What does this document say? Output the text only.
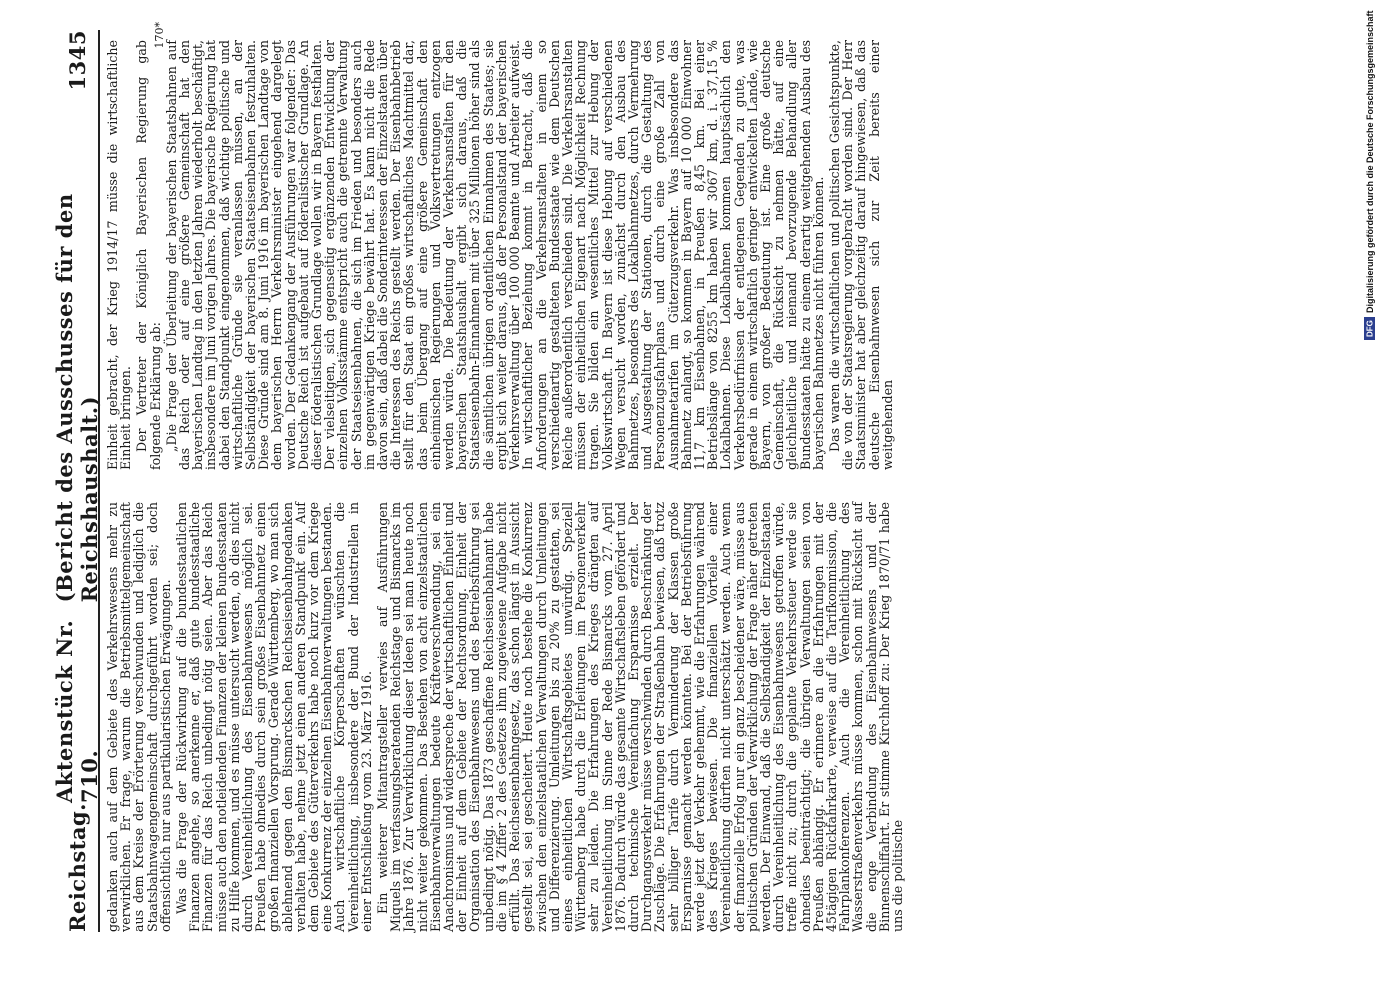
Reichstag.
Aktenstück Nr. 710.
(Bericht des Ausschusses für den Reichshaushalt.)
1345

gedanken auch auf dem Gebiete des Verkehrswesens mehr zu verwirklichen. Er frage, warum die Betriebsmittelgemeinschaft aus dem Kreise der Erörterung verschwunden und lediglich die Staatsbahnwagengemeinschaft durchgeführt worden sei; doch offensichtlich nur aus partikularistischen Erwägungen. Was die Frage der Rückwirkung auf die bundesstaatlichen Finanzen angehe, so anerkenne er, daß gute bundesstaatliche Finanzen für das Reich unbedingt nötig seien. Aber das Reich müsse auch den notleidenden Finanzen der kleinen Bundesstaaten zu Hilfe kommen, und es müsse untersucht werden, ob dies nicht durch Vereinheitlichung des Eisenbahnwesens möglich sei. Preußen habe ohnedies durch sein großes Eisenbahnnetz einen großen finanziellen Vorsprung. Gerade Württemberg, wo man sich ablehnend gegen den Bismarckschen Reichseisenbahngedanken verhalten habe, nehme jetzt einen anderen Standpunkt ein. Auf dem Gebiete des Güterverkehrs habe noch kurz vor dem Kriege eine Konkurrenz der einzelnen Eisenbahnverwaltungen bestanden. Auch wirtschaftliche Körperschaften wünschten die Vereinheitlichung, insbesondere der Bund der Industriellen in einer Entschließung vom 23. März 1916. Ein weiterer Mitantragsteller verwies auf Ausführungen Miquels im verfassungsberatenden Reichstage und Bismarcks im Jahre 1876. Zur Verwirklichung dieser Ideen sei man heute noch nicht weiter gekommen. Das Bestehen von acht einzelstaatlichen Eisenbahnverwaltungen bedeute Kräfteverschwendung, sei ein Anachronismus und widerspreche der wirtschaftlichen Einheit und der Einheit auf dem Gebiete der Rechtsordnung. Einheit der Organisation des Eisenbahnwesens und des Betriebsführung sei unbedingt nötig. Das 1873 geschaffene Reichseisenbahnamt habe die im § 4 Ziffer 2 des Gesetzes ihm zugewiesene Aufgabe nicht erfüllt. Das Reichseisenbahngesetz, das schon längst in Aussicht gestellt sei, sei gescheitert. Heute noch bestehe die Konkurrenz zwischen den einzelstaatlichen Verwaltungen durch Umleitungen und Differenzierung. Umleitungen bis zu 20% zu gestatten, sei eines einheitlichen Wirtschaftsgebietes unwürdig. Speziell Württemberg habe durch die Erleitungen im Personenverkehr sehr zu leiden. Die Erfahrungen des Krieges drängten auf Vereinheitlichung im Sinne der Rede Bismarcks vom 27. April 1876. Dadurch würde das gesamte Wirtschaftsleben gefördert und durch technische Vereinfachung Ersparnisse erzielt. Der Durchgangsverkehr müsse verschwinden durch Beschränkung der Zuschläge. Die Erfahrungen der Straßenbahn bewiesen, daß trotz sehr billiger Tarife durch Verminderung der Klassen große Ersparnisse gemacht werden könnten. Bei der Betriebsführung werde jetzt der Verkehr gehemmt, wie die Erfahrungen während des Krieges bewiesen. Die finanziellen Vorteile einer Vereinheitlichung dürften nicht unterschätzt werden. Auch wenn der finanzielle Erfolg nur ein ganz bescheidener wäre, müsse aus politischen Gründen der Verwirklichung der Frage näher getreten werden. Der Einwand, daß die Selbständigkeit der Einzelstaaten durch Vereinheitlichung des Eisenbahnwesens getroffen würde, treffe nicht zu; durch die geplante Verkehrssteuer werde sie ohnedies beeinträchtigt; die übrigen Verwaltungen seien von Preußen abhängig. Er erinnere an die Erfahrungen mit der 45tägigen Rückfahrkarte, verweise auf die Tarifkommission, die Fahrplankonferenzen. Auch die Vereinheitlichung des Wasserstraßenverkehrs müsse kommen, schon mit Rücksicht auf die enge Verbindung des Eisenbahnwesens und der Binnenschiffahrt. Er stimme Kirchhoff zu: Der Krieg 1870/71 habe uns die politische

Einheit gebracht, der Krieg 1914/17 müsse die wirtschaftliche Einheit bringen. Der Vertreter der Königlich Bayerischen Regierung gab folgende Erklärung ab: „Die Frage der Überleitung der bayerischen Staatsbahnen auf das Reich oder auf eine größere Gemeinschaft hat den bayerischen Landtag in den letzten Jahren wiederholt beschäftigt, insbesondere im Juni vorigen Jahres. Die bayerische Regierung hat dabei den Standpunkt eingenommen, daß wichtige politische und wirtschaftliche Gründe sie veranlassen müssen, an der Selbständigkeit der bayerischen Staatseisenbahnen festzuhalten. Diese Gründe sind am 8. Juni 1916 im bayerischen Landtage von dem bayerischen Herrn Verkehrsminister eingehend dargelegt worden. Der Gedankengang der Ausführungen war folgender: Das Deutsche Reich ist aufgebaut auf föderalistischer Grundlage. An dieser föderalistischen Grundlage wollen wir in Bayern festhalten. Der vielseitigen, sich gegenseitig ergänzenden Entwicklung der einzelnen Volksstämme entspricht auch die getrennte Verwaltung der Staatseisenbahnen, die sich im Frieden und besonders auch im gegenwärtigen Kriege bewährt hat. Es kann nicht die Rede davon sein, daß dabei die Sonderinteressen der Einzelstaaten über die Interessen des Reichs gestellt werden. Der Eisenbahnbetrieb stellt für den Staat ein großes wirtschaftliches Machtmittel dar, das beim Übergang auf eine größere Gemeinschaft den einheimischen Regierungen und Volksvertretungen entzogen werden würde. Die Bedeutung der Verkehrsanstalten für den bayerischen Staatshaushalt ergibt sich daraus, daß die Staatseisenbahn-Einnahmen mit über 325 Millionen höher sind als die sämtlichen übrigen ordentlichen Einnahmen des Staates; sie ergibt sich weiter daraus, daß der Personalstand der bayerischen Verkehrsverwaltung über 100 000 Beamte und Arbeiter aufweist. In wirtschaftlicher Beziehung kommt in Betracht, daß die Anforderungen an die Verkehrsanstalten in einem so verschiedenartig gestalteten Bundesstaate wie dem Deutschen Reiche außerordentlich verschieden sind. Die Verkehrsanstalten müssen der einheitlichen Eigenart nach Möglichkeit Rechnung tragen. Sie bilden ein wesentliches Mittel zur Hebung der Volkswirtschaft. In Bayern ist diese Hebung auf verschiedenen Wegen versucht worden, zunächst durch den Ausbau des Bahnnetzes, besonders des Lokalbahnnetzes, durch Vermehrung und Ausgestaltung der Stationen, durch die Gestaltung des Personenzugsfahrplans und durch eine große Zahl von Ausnahmetarifen im Güterzugsverkehr. Was insbesondere das Bahnnetz anlangt, so kommen in Bayern auf 10 000 Einwohner 11,7 km Eisenbahnen, in Preußen 8,45 km. Bei einer Betriebslänge von 8255 km haben wir 3067 km, d. i. 37,15 % Lokalbahnen. Diese Lokalbahnen kommen hauptsächlich den Verkehrsbedürfnissen der entlegenen Gegenden zu gute, was gerade in einem wirtschaftlich geringer entwickelten Lande, wie Bayern, von großer Bedeutung ist. Eine große deutsche Gemeinschaft, die Rücksicht zu nehmen hätte, auf eine gleichheitliche und niemand bevorzugende Behandlung aller Bundesstaaten hätte zu einem derartig weitgehenden Ausbau des bayerischen Bahnnetzes nicht führen können. Das waren die wirtschaftlichen und politischen Gesichtspunkte, die von der Staatsregierung vorgebracht worden sind. Der Herr Staatsminister hat aber gleichzeitig darauf hingewiesen, daß das deutsche Eisenbahnwesen sich zur Zeit bereits einer weitgehenden

170*
DFG
Digitalisierung gefördert durch die Deutsche Forschungsgemeinschaft
